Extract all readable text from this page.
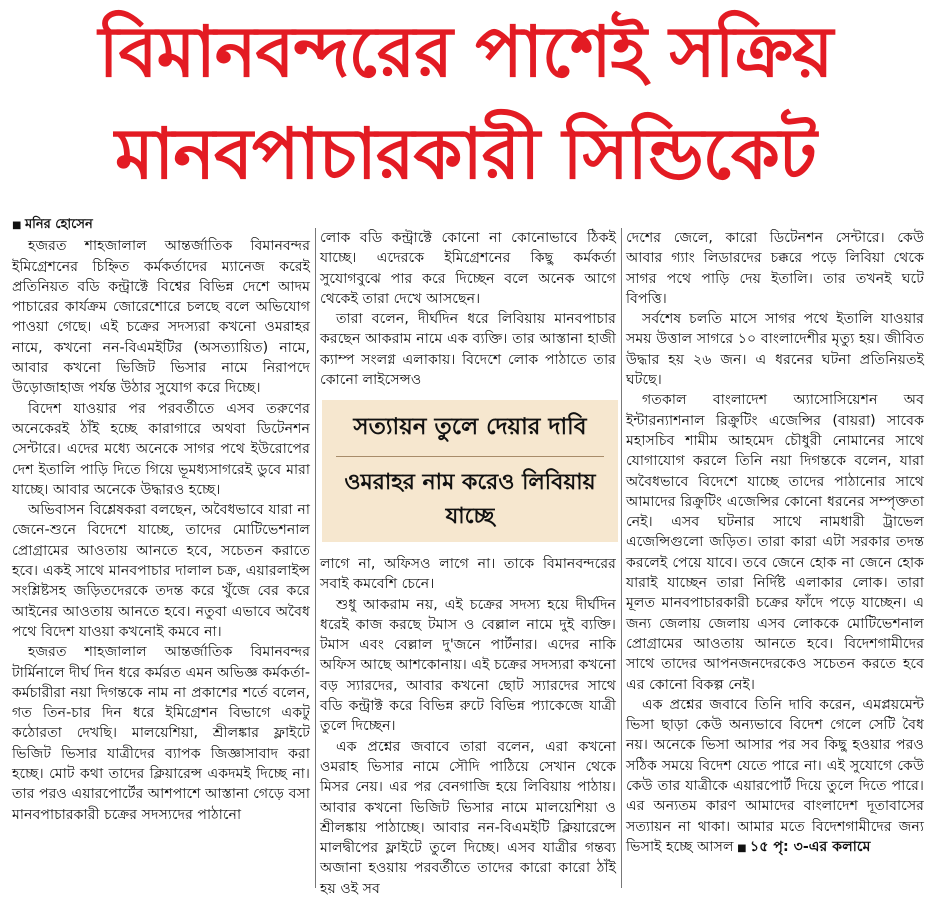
বিমানবন্দরের পাশেই সক্রিয়
মানবপাচারকারী সিন্ডিকেট

■ মনির হোসেন

হজরত শাহজালাল আন্তর্জাতিক বিমানবন্দর ইমিগ্রেশনের চিহ্নিত কর্মকর্তাদের ম্যানেজ করেই প্রতিনিয়ত বডি কন্ট্রাক্টে বিশ্বের বিভিন্ন দেশে আদম পাচারের কার্যক্রম জোরেশোরে চলছে বলে অভিযোগ পাওয়া গেছে। এই চক্রের সদস্যরা কখনো ওমরাহর নামে, কখনো নন-বিএমইটির (অসত্যায়িত) নামে, আবার কখনো ভিজিট ভিসার নামে নিরাপদে উড়োজাহাজ পর্যন্ত উঠার সুযোগ করে দিচ্ছে।

বিদেশ যাওয়ার পর পরবর্তীতে এসব তরুণের অনেকেরই ঠাঁই হচ্ছে কারাগারে অথবা ডিটেনশন সেন্টারে। এদের মধ্যে অনেকে সাগর পথে ইউরোপের দেশ ইতালি পাড়ি দিতে গিয়ে ভূমধ্যসাগরেই ডুবে মারা যাচ্ছে। আবার অনেকে উদ্ধারও হচ্ছে।

অভিবাসন বিশ্লেষকরা বলছেন, অবৈধভাবে যারা না জেনে-শুনে বিদেশে যাচ্ছে, তাদের মোটিভেশনাল প্রোগ্রামের আওতায় আনতে হবে, সচেতন করাতে হবে। একই সাথে মানবপাচার দালাল চক্র, এয়ারলাইন্স সংশ্লিষ্টসহ জড়িতদেরকে তদন্ত করে খুঁজে বের করে আইনের আওতায় আনতে হবে। নতুবা এভাবে অবৈধ পথে বিদেশ যাওয়া কখনোই কমবে না।

হজরত শাহজালাল আন্তর্জাতিক বিমানবন্দর টার্মিনালে দীর্ঘ দিন ধরে কর্মরত এমন অভিজ্ঞ কর্মকর্তা-কর্মচারীরা নয়া দিগন্তকে নাম না প্রকাশের শর্তে বলেন, গত তিন-চার দিন ধরে ইমিগ্রেশন বিভাগে একটু কঠোরতা দেখছি। মালয়েশিয়া, শ্রীলঙ্কার ফ্লাইটে ভিজিট ভিসার যাত্রীদের ব্যাপক জিজ্ঞাসাবাদ করা হচ্ছে। মোট কথা তাদের ক্লিয়ারেন্স একদমই দিচ্ছে না। তার পরও এয়ারপোর্টের আশপাশে আস্তানা গেড়ে বসা মানবপাচারকারী চক্রের সদস্যদের পাঠানো

লোক বডি কন্ট্রাক্টে কোনো না কোনোভাবে ঠিকই যাচ্ছে। এদেরকে ইমিগ্রেশনের কিছু কর্মকর্তা সুযোগবুঝে পার করে দিচ্ছেন বলে অনেক আগে থেকেই তারা দেখে আসছেন।

তারা বলেন, দীর্ঘদিন ধরে লিবিয়ায় মানবপাচার করছেন আকরাম নামে এক ব্যক্তি। তার আস্তানা হাজী ক্যাম্প সংলগ্ন এলাকায়। বিদেশে লোক পাঠাতে তার কোনো লাইসেন্সও

সত্যায়ন তুলে দেয়ার দাবি
ওমরাহর নাম করেও লিবিয়ায় যাচ্ছে

লাগে না, অফিসও লাগে না। তাকে বিমানবন্দরের সবাই কমবেশি চেনে।

শুধু আকরাম নয়, এই চক্রের সদস্য হয়ে দীর্ঘদিন ধরেই কাজ করছে টমাস ও বেল্লাল নামে দুই ব্যক্তি। টমাস এবং বেল্লাল দু'জনে পার্টনার। এদের নাকি অফিস আছে আশকোনায়। এই চক্রের সদস্যরা কখনো বড় স্যারদের, আবার কখনো ছোট স্যারদের সাথে বডি কন্ট্রাক্ট করে বিভিন্ন রুটে বিভিন্ন প্যাকেজে যাত্রী তুলে দিচ্ছেন।

এক প্রশ্নের জবাবে তারা বলেন, এরা কখনো ওমরাহ ভিসার নামে সৌদি পাঠিয়ে সেখান থেকে মিসর নেয়। এর পর বেনগাজি হয়ে লিবিয়ায় পাঠায়। আবার কখনো ভিজিট ভিসার নামে মালয়েশিয়া ও শ্রীলঙ্কায় পাঠাচ্ছে। আবার নন-বিএমইটি ক্লিয়ারেন্সে মালদ্বীপের ফ্লাইটে তুলে দিচ্ছে। এসব যাত্রীর গন্তব্য অজানা হওয়ায় পরবর্তীতে তাদের কারো কারো ঠাঁই হয় ওই সব

দেশের জেলে, কারো ডিটেনশন সেন্টারে। কেউ আবার গ্যাং লিডারদের চক্করে পড়ে লিবিয়া থেকে সাগর পথে পাড়ি দেয় ইতালি। তার তখনই ঘটে বিপত্তি।

সর্বশেষ চলতি মাসে সাগর পথে ইতালি যাওয়ার সময় উত্তাল সাগরে ১০ বাংলাদেশীর মৃত্যু হয়। জীবিত উদ্ধার হয় ২৬ জন। এ ধরনের ঘটনা প্রতিনিয়তই ঘটছে।

গতকাল বাংলাদেশ অ্যাসোসিয়েশন অব ইন্টারন্যাশনাল রিক্রুটিং এজেন্সির (বায়রা) সাবেক মহাসচিব শামীম আহমেদ চৌধুরী নোমানের সাথে যোগাযোগ করলে তিনি নয়া দিগন্তকে বলেন, যারা অবৈধভাবে বিদেশে যাচ্ছে তাদের পাঠানোর সাথে আমাদের রিক্রুটিং এজেন্সির কোনো ধরনের সম্পৃক্ততা নেই। এসব ঘটনার সাথে নামধারী ট্রাভেল এজেন্সিগুলো জড়িত। তারা কারা এটা সরকার তদন্ত করলেই পেয়ে যাবে। তবে জেনে হোক না জেনে হোক যারাই যাচ্ছেন তারা নির্দিষ্ট এলাকার লোক। তারা মূলত মানবপাচারকারী চক্রের ফাঁদে পড়ে যাচ্ছেন। এ জন্য জেলায় জেলায় এসব লোককে মোটিভেশনাল প্রোগ্রামের আওতায় আনতে হবে। বিদেশগামীদের সাথে তাদের আপনজনদেরকেও সচেতন করতে হবে এর কোনো বিকল্প নেই।

এক প্রশ্নের জবাবে তিনি দাবি করেন, এমপ্লয়মেন্ট ভিসা ছাড়া কেউ অন্যভাবে বিদেশ গেলে সেটি বৈধ নয়। অনেকে ভিসা আসার পর সব কিছু হওয়ার পরও সঠিক সময়ে বিদেশ যেতে পারে না। এই সুযোগে কেউ কেউ তার যাত্রীকে এয়ারপোর্ট দিয়ে তুলে দিতে পারে। এর অন্যতম কারণ আমাদের বাংলাদেশ দূতাবাসের সত্যায়ন না থাকা। আমার মতে বিদেশগামীদের জন্য ভিসাই হচ্ছে আসল■ ১৫ পৃ: ৩-এর কলামে
